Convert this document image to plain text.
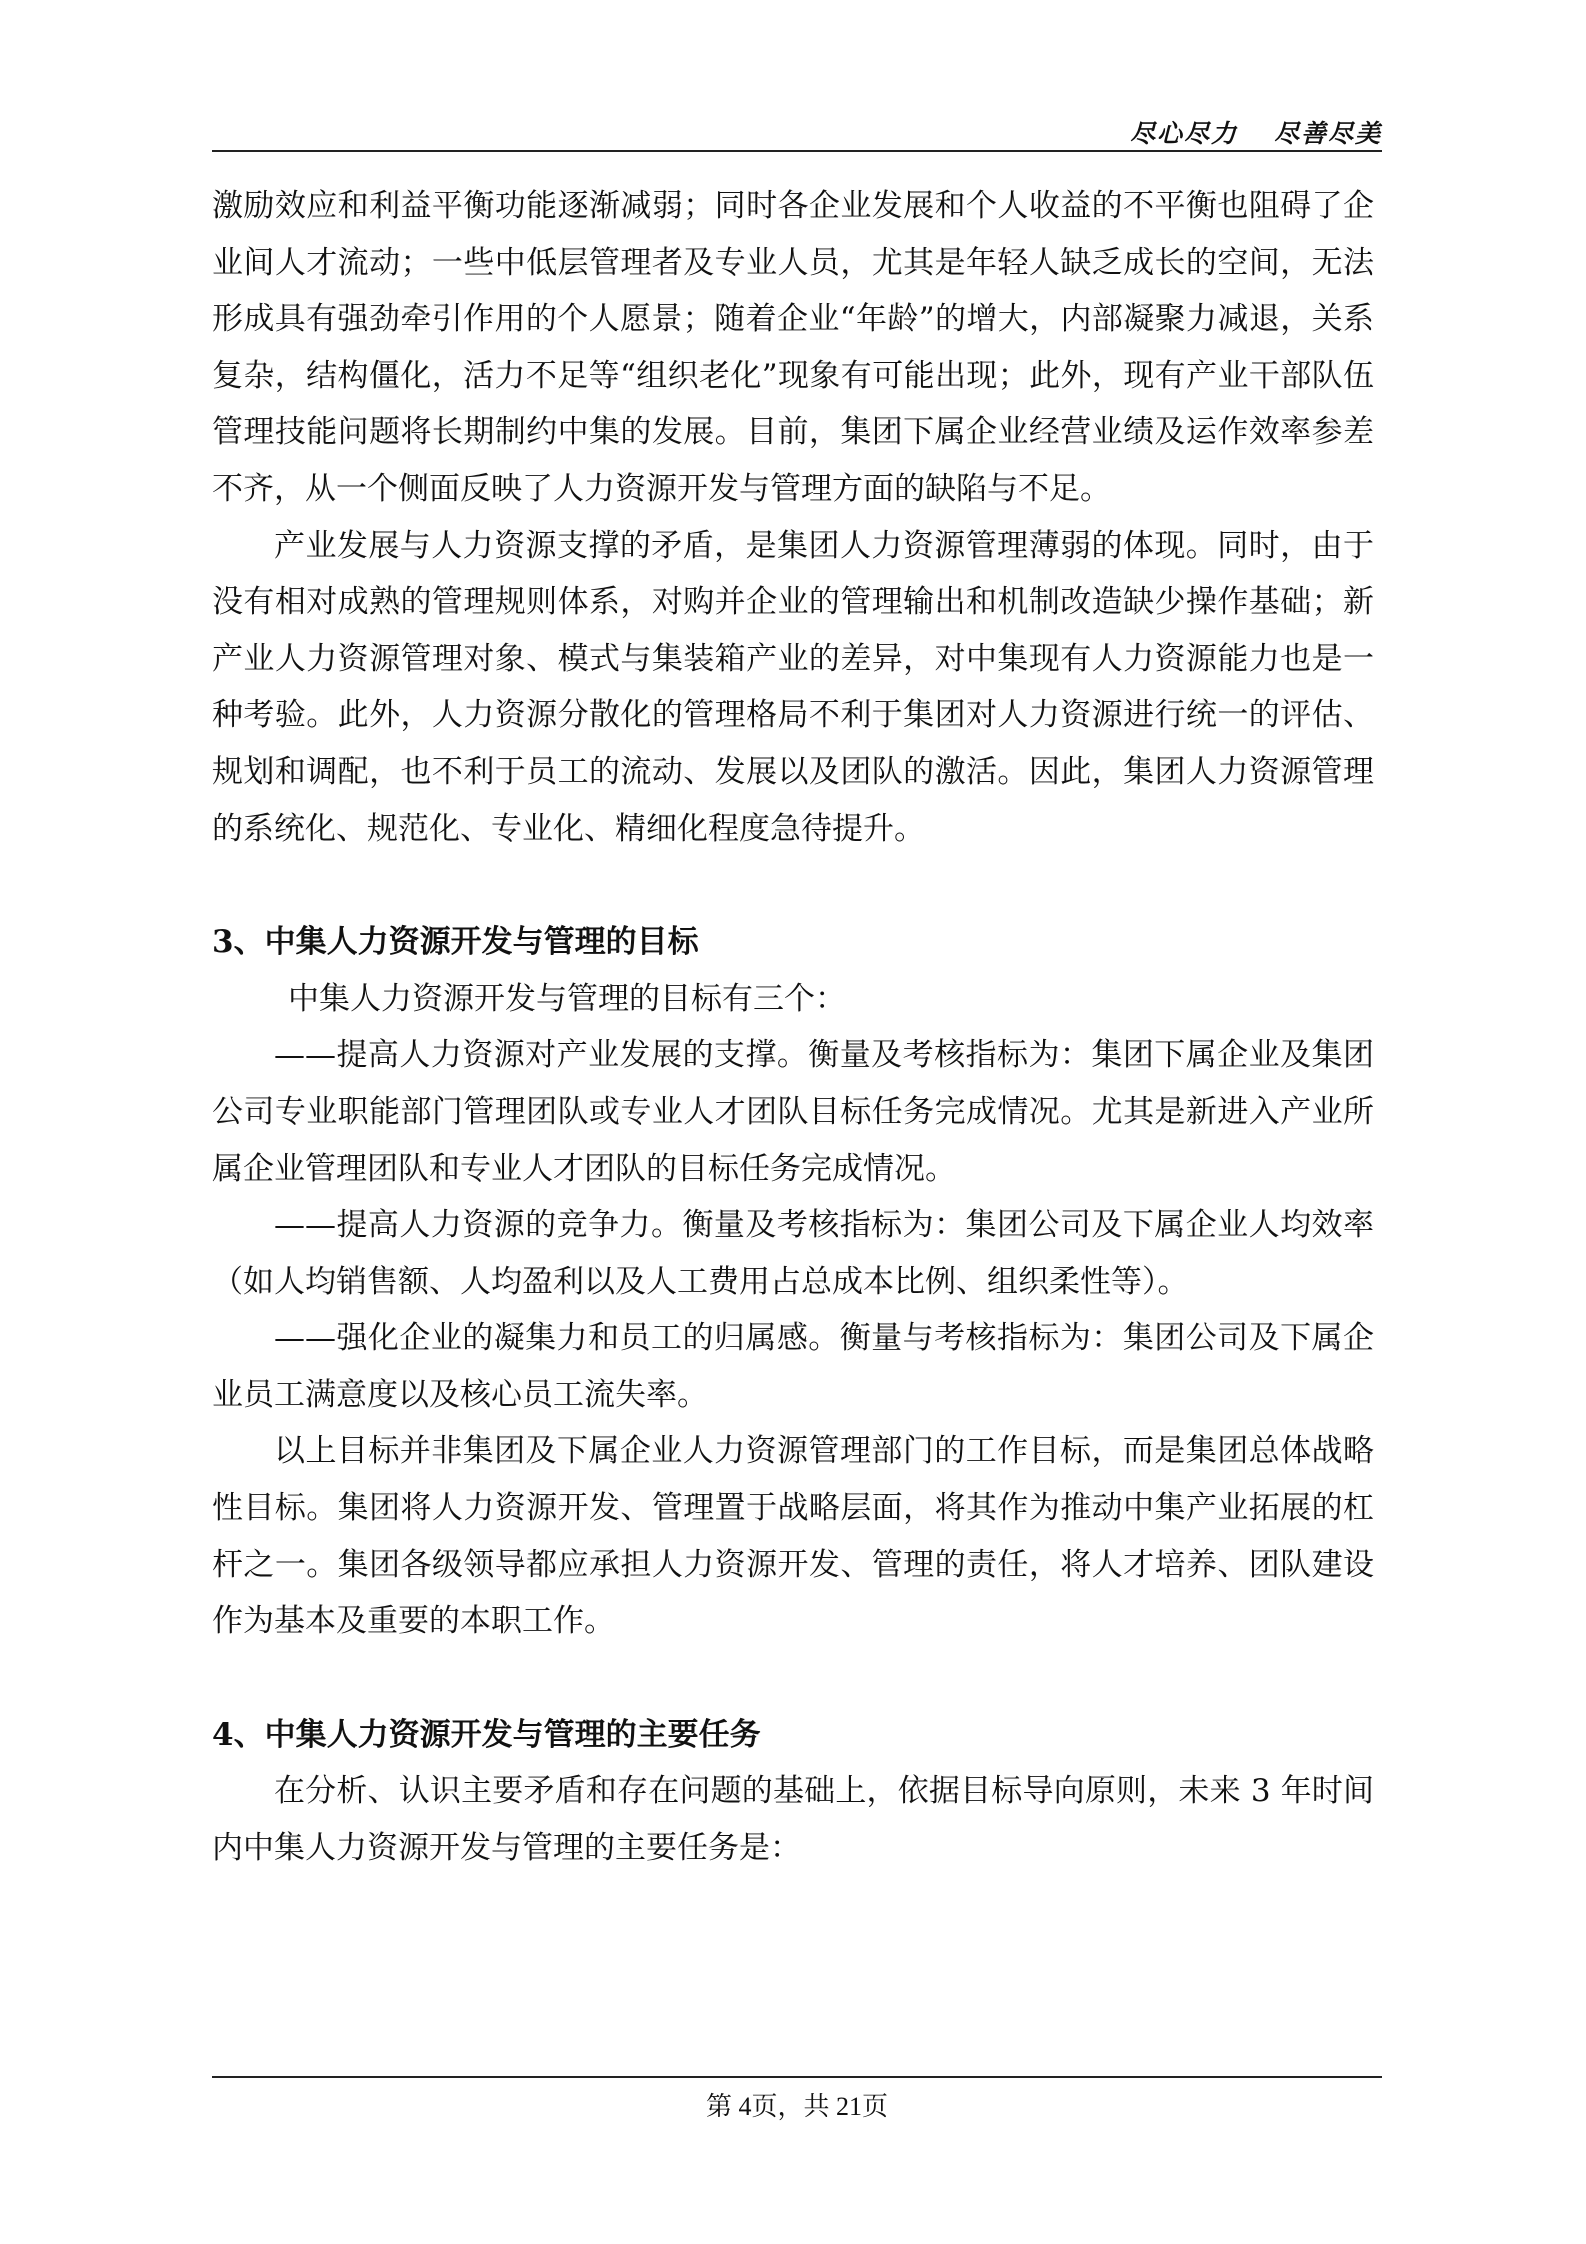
尽心尽力 尽善尽美

激励效应和利益平衡功能逐渐减弱；同时各企业发展和个人收益的不平衡也阻碍了企业间人才流动；一些中低层管理者及专业人员，尤其是年轻人缺乏成长的空间，无法形成具有强劲牵引作用的个人愿景；随着企业“年龄”的增大，内部凝聚力减退，关系复杂，结构僵化，活力不足等“组织老化”现象有可能出现；此外，现有产业干部队伍管理技能问题将长期制约中集的发展。目前，集团下属企业经营业绩及运作效率参差不齐，从一个侧面反映了人力资源开发与管理方面的缺陷与不足。

产业发展与人力资源支撑的矛盾，是集团人力资源管理薄弱的体现。同时，由于没有相对成熟的管理规则体系，对购并企业的管理输出和机制改造缺少操作基础；新产业人力资源管理对象、模式与集装箱产业的差异，对中集现有人力资源能力也是一种考验。此外，人力资源分散化的管理格局不利于集团对人力资源进行统一的评估、规划和调配，也不利于员工的流动、发展以及团队的激活。因此，集团人力资源管理的系统化、规范化、专业化、精细化程度急待提升。

3、中集人力资源开发与管理的目标

中集人力资源开发与管理的目标有三个：

——提高人力资源对产业发展的支撑。衡量及考核指标为：集团下属企业及集团公司专业职能部门管理团队或专业人才团队目标任务完成情况。尤其是新进入产业所属企业管理团队和专业人才团队的目标任务完成情况。

——提高人力资源的竞争力。衡量及考核指标为：集团公司及下属企业人均效率（如人均销售额、人均盈利以及人工费用占总成本比例、组织柔性等）。

——强化企业的凝集力和员工的归属感。衡量与考核指标为：集团公司及下属企业员工满意度以及核心员工流失率。

以上目标并非集团及下属企业人力资源管理部门的工作目标，而是集团总体战略性目标。集团将人力资源开发、管理置于战略层面，将其作为推动中集产业拓展的杠杆之一。集团各级领导都应承担人力资源开发、管理的责任，将人才培养、团队建设作为基本及重要的本职工作。

4、中集人力资源开发与管理的主要任务

在分析、认识主要矛盾和存在问题的基础上，依据目标导向原则，未来 3 年时间内中集人力资源开发与管理的主要任务是：

第 4页，共 21页
